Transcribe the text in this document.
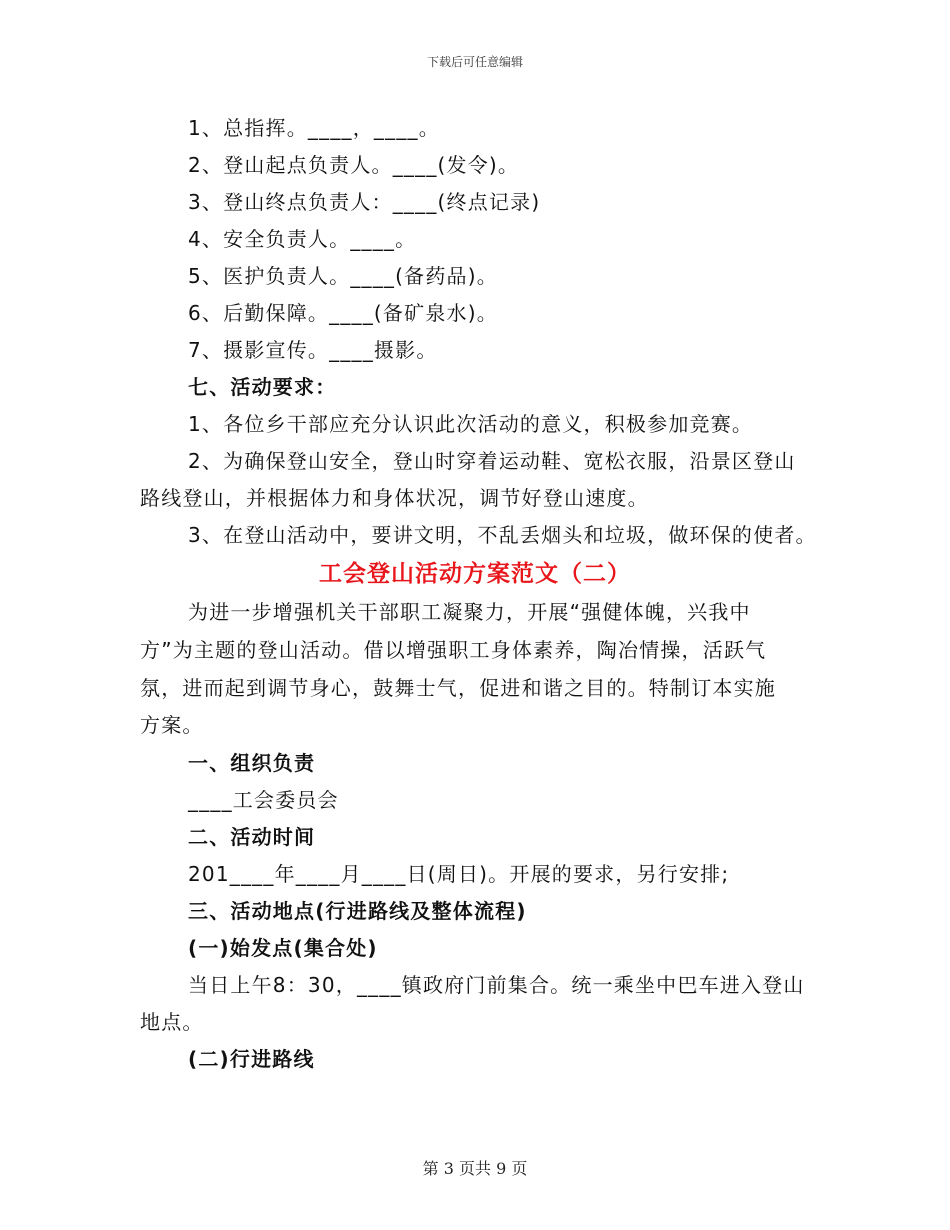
下载后可任意编辑
1、总指挥。____，____。
2、登山起点负责人。____(发令)。
3、登山终点负责人：____(终点记录)
4、安全负责人。____。
5、医护负责人。____(备药品)。
6、后勤保障。____(备矿泉水)。
7、摄影宣传。____摄影。
七、活动要求：
1、各位乡干部应充分认识此次活动的意义，积极参加竞赛。
2、为确保登山安全，登山时穿着运动鞋、宽松衣服，沿景区登山
路线登山，并根据体力和身体状况，调节好登山速度。
3、在登山活动中，要讲文明，不乱丢烟头和垃圾，做环保的使者。
工会登山活动方案范文（二）
为进一步增强机关干部职工凝聚力，开展“强健体魄，兴我中
方”为主题的登山活动。借以增强职工身体素养，陶冶情操，活跃气
氛，进而起到调节身心，鼓舞士气，促进和谐之目的。特制订本实施
方案。
一、组织负责
____工会委员会
二、活动时间
201____年____月____日(周日)。开展的要求，另行安排;
三、活动地点(行进路线及整体流程)
(一)始发点(集合处)
当日上午8：30，____镇政府门前集合。统一乘坐中巴车进入登山
地点。
(二)行进路线
第 3 页共 9 页
